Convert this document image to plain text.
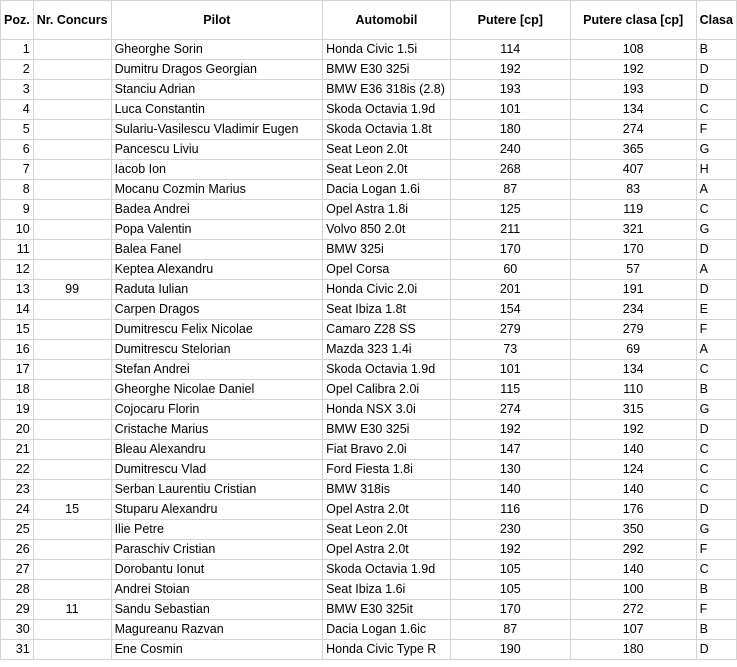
Poz.	Nr. Concurs	Pilot	Automobil	Putere [cp]	Putere clasa [cp]	Clasa
1		Gheorghe Sorin	Honda Civic 1.5i	114	108	B
2		Dumitru Dragos Georgian	BMW E30 325i	192	192	D
3		Stanciu Adrian	BMW E36 318is (2.8)	193	193	D
4		Luca Constantin	Skoda Octavia 1.9d	101	134	C
5		Sulariu-Vasilescu Vladimir Eugen	Skoda Octavia 1.8t	180	274	F
6		Pancescu Liviu	Seat Leon 2.0t	240	365	G
7		Iacob Ion	Seat Leon 2.0t	268	407	H
8		Mocanu Cozmin Marius	Dacia Logan 1.6i	87	83	A
9		Badea Andrei	Opel Astra 1.8i	125	119	C
10		Popa Valentin	Volvo 850 2.0t	211	321	G
11		Balea Fanel	BMW 325i	170	170	D
12		Keptea Alexandru	Opel Corsa	60	57	A
13	99	Raduta Iulian	Honda Civic 2.0i	201	191	D
14		Carpen Dragos	Seat Ibiza 1.8t	154	234	E
15		Dumitrescu Felix Nicolae	Camaro Z28 SS	279	279	F
16		Dumitrescu Stelorian	Mazda 323 1.4i	73	69	A
17		Stefan Andrei	Skoda Octavia 1.9d	101	134	C
18		Gheorghe Nicolae Daniel	Opel Calibra 2.0i	115	110	B
19		Cojocaru Florin	Honda NSX 3.0i	274	315	G
20		Cristache Marius	BMW E30 325i	192	192	D
21		Bleau Alexandru	Fiat Bravo 2.0i	147	140	C
22		Dumitrescu Vlad	Ford Fiesta 1.8i	130	124	C
23		Serban Laurentiu Cristian	BMW 318is	140	140	C
24	15	Stuparu Alexandru	Opel Astra 2.0t	116	176	D
25		Ilie Petre	Seat Leon 2.0t	230	350	G
26		Paraschiv Cristian	Opel Astra 2.0t	192	292	F
27		Dorobantu Ionut	Skoda Octavia 1.9d	105	140	C
28		Andrei Stoian	Seat Ibiza 1.6i	105	100	B
29	11	Sandu Sebastian	BMW E30 325it	170	272	F
30		Magureanu Razvan	Dacia Logan 1.6ic	87	107	B
31		Ene Cosmin	Honda Civic Type R	190	180	D
